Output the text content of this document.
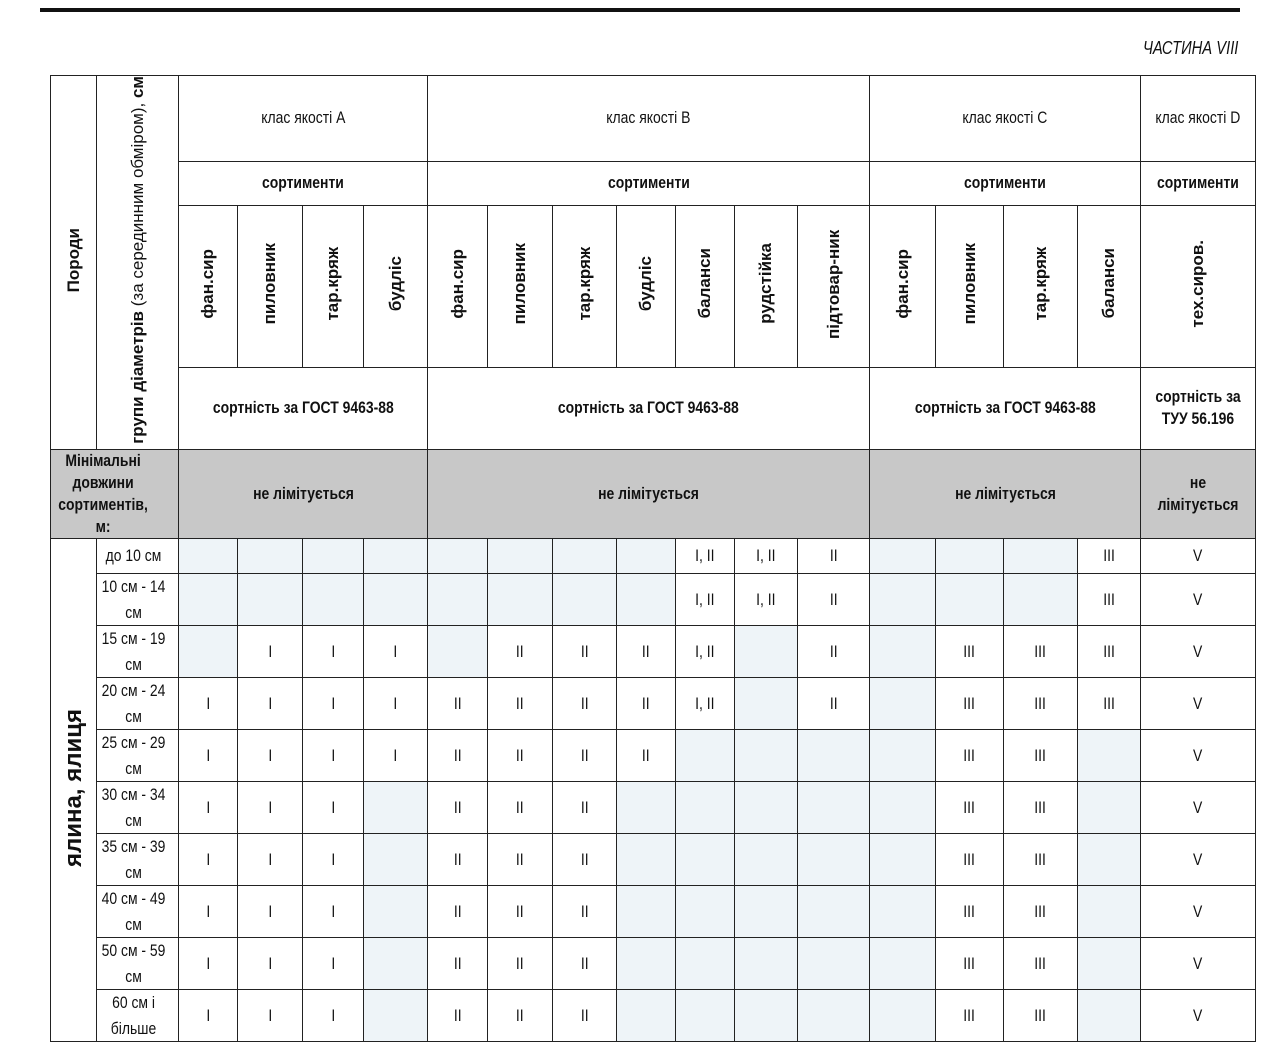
ЧАСТИНА VIII
Породи	групи діаметрів (за серединним обміром), см	клас якості А				клас якості В							клас якості С				клас якості D
		сортименти				сортименти							сортименти				сортименти
		фан.сир	пиловник	тар.кряж	будліс	фан.сир	пиловник	тар.кряж	будліс	баланси	рудстійка	підтовар-ник	фан.сир	пиловник	тар.кряж	баланси	тех.сиров.
		сортність за ГОСТ 9463-88				сортність за ГОСТ 9463-88							сортність за ГОСТ 9463-88				сортність за ТУУ 56.196
Мінімальні довжини сортиментів, м:		не лімітується				не лімітується							не лімітується				не лімітується
ялина, ялиця	до 10 см									I, II	I, II	II				III	V
	10 см - 14 см									I, II	I, II	II				III	V
	15 см - 19 см		I	I	I		II	II	II	I, II		II		III	III	III	V
	20 см - 24 см	I	I	I	I	II	II	II	II	I, II		II		III	III	III	V
	25 см - 29 см	I	I	I	I	II	II	II	II					III	III		V
	30 см - 34 см	I	I	I		II	II	II						III	III		V
	35 см - 39 см	I	I	I		II	II	II						III	III		V
	40 см - 49 см	I	I	I		II	II	II						III	III		V
	50 см - 59 см	I	I	I		II	II	II						III	III		V
	60 см і більше	I	I	I		II	II	II						III	III		V
